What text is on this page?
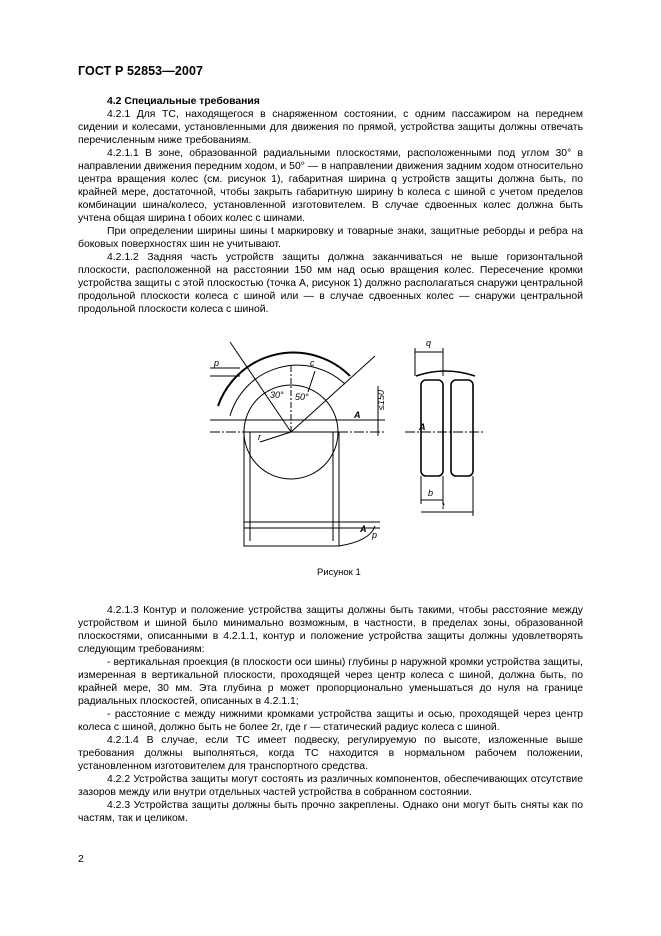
ГОСТ Р 52853—2007

4.2 Специальные требования

4.2.1 Для ТС, находящегося в снаряженном состоянии, с одним пассажиром на переднем сидении и колесами, установленными для движения по прямой, устройства защиты должны отвечать перечисленным ниже требованиям.

4.2.1.1 В зоне, образованной радиальными плоскостями, расположенными под углом 30° в направлении движения передним ходом, и 50° — в направлении движения задним ходом относительно центра вращения колес (см. рисунок 1), габаритная ширина q устройств защиты должна быть, по крайней мере, достаточной, чтобы закрыть габаритную ширину b колеса с шиной с учетом пределов комбинации шина/колесо, установленной изготовителем. В случае сдвоенных колес должна быть учтена общая ширина t обоих колес с шинами.

При определении ширины шины t маркировку и товарные знаки, защитные реборды и ребра на боковых поверхностях шин не учитывают.

4.2.1.2 Задняя часть устройств защиты должна заканчиваться не выше горизонтальной плоскости, расположенной на расстоянии 150 мм над осью вращения колес. Пересечение кромки устройства защиты с этой плоскостью (точка А, рисунок 1) должно располагаться снаружи центральной продольной плоскости колеса с шиной или — в случае сдвоенных колес — снаружи центральной продольной плоскости колеса с шиной.

p	c
30° 50°	≤150
A
A
A
r
q
b
t
p
Рисунок 1

4.2.1.3 Контур и положение устройства защиты должны быть такими, чтобы расстояние между устройством и шиной было минимально возможным, в частности, в пределах зоны, образованной плоскостями, описанными в 4.2.1.1, контур и положение устройства защиты должны удовлетворять следующим требованиям:

- вертикальная проекция (в плоскости оси шины) глубины p наружной кромки устройства защиты, измеренная в вертикальной плоскости, проходящей через центр колеса с шиной, должна быть, по крайней мере, 30 мм. Эта глубина p может пропорционально уменьшаться до нуля на границе радиальных плоскостей, описанных в 4.2.1.1;

- расстояние c между нижними кромками устройства защиты и осью, проходящей через центр колеса с шиной, должно быть не более 2r, где r — статический радиус колеса с шиной.

4.2.1.4 В случае, если ТС имеет подвеску, регулируемую по высоте, изложенные выше требования должны выполняться, когда ТС находится в нормальном рабочем положении, установленном изготовителем для транспортного средства.

4.2.2 Устройства защиты могут состоять из различных компонентов, обеспечивающих отсутствие зазоров между или внутри отдельных частей устройства в собранном состоянии.

4.2.3 Устройства защиты должны быть прочно закреплены. Однако они могут быть сняты как по частям, так и целиком.

2
